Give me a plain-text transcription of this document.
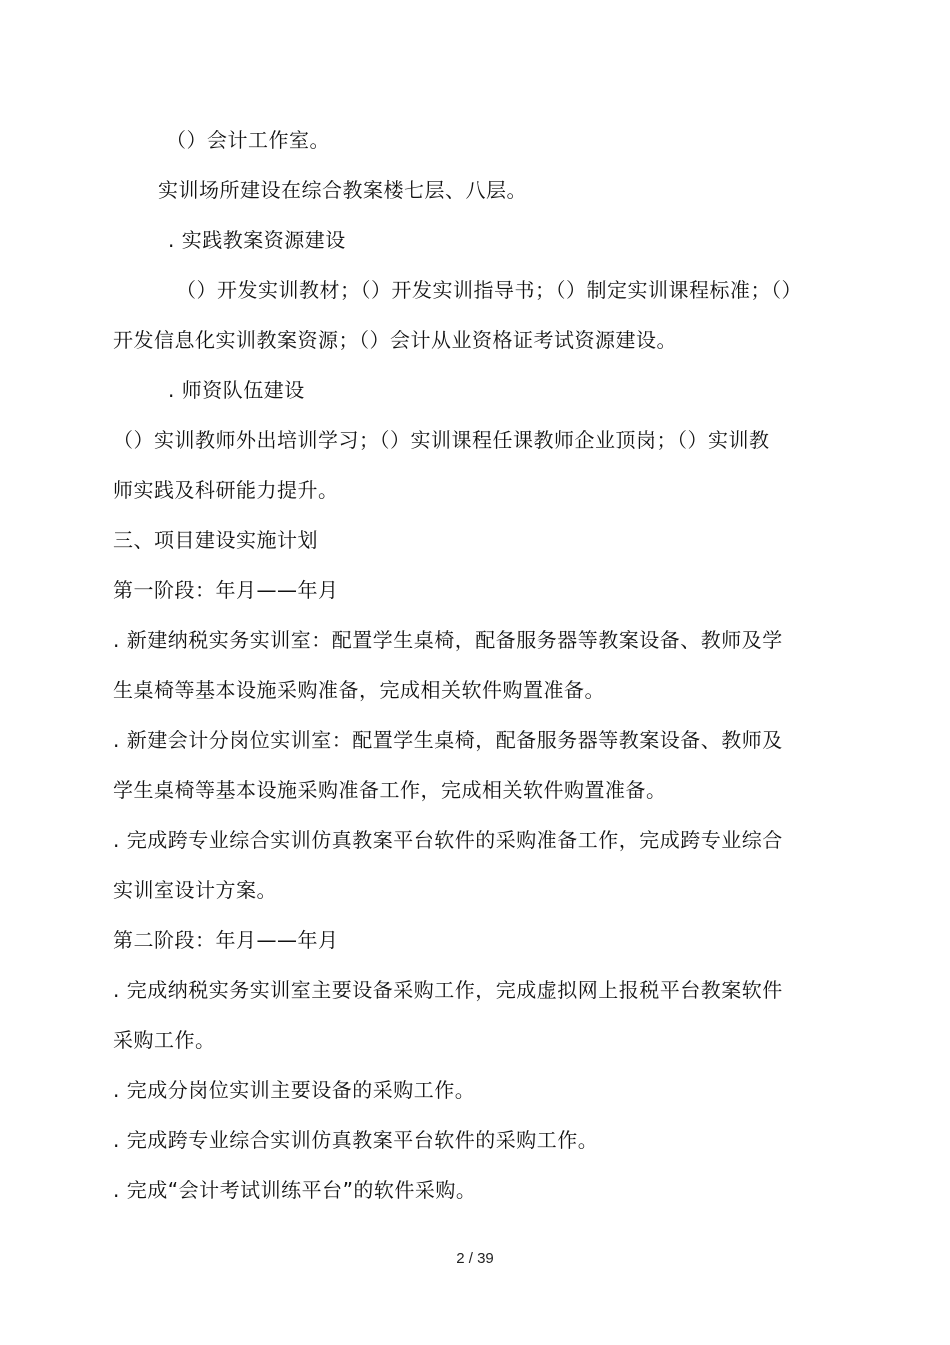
（）会计工作室。
实训场所建设在综合教案楼七层、八层。
. 实践教案资源建设
（）开发实训教材；（）开发实训指导书；（）制定实训课程标准；（）
开发信息化实训教案资源；（）会计从业资格证考试资源建设。
. 师资队伍建设
（）实训教师外出培训学习；（）实训课程任课教师企业顶岗；（）实训教
师实践及科研能力提升。
三、项目建设实施计划
第一阶段：年月——年月
. 新建纳税实务实训室：配置学生桌椅，配备服务器等教案设备、教师及学
生桌椅等基本设施采购准备，完成相关软件购置准备。
. 新建会计分岗位实训室：配置学生桌椅，配备服务器等教案设备、教师及
学生桌椅等基本设施采购准备工作，完成相关软件购置准备。
. 完成跨专业综合实训仿真教案平台软件的采购准备工作，完成跨专业综合
实训室设计方案。
第二阶段：年月——年月
. 完成纳税实务实训室主要设备采购工作，完成虚拟网上报税平台教案软件
采购工作。
. 完成分岗位实训主要设备的采购工作。
. 完成跨专业综合实训仿真教案平台软件的采购工作。
. 完成“会计考试训练平台”的软件采购。
2 / 39
